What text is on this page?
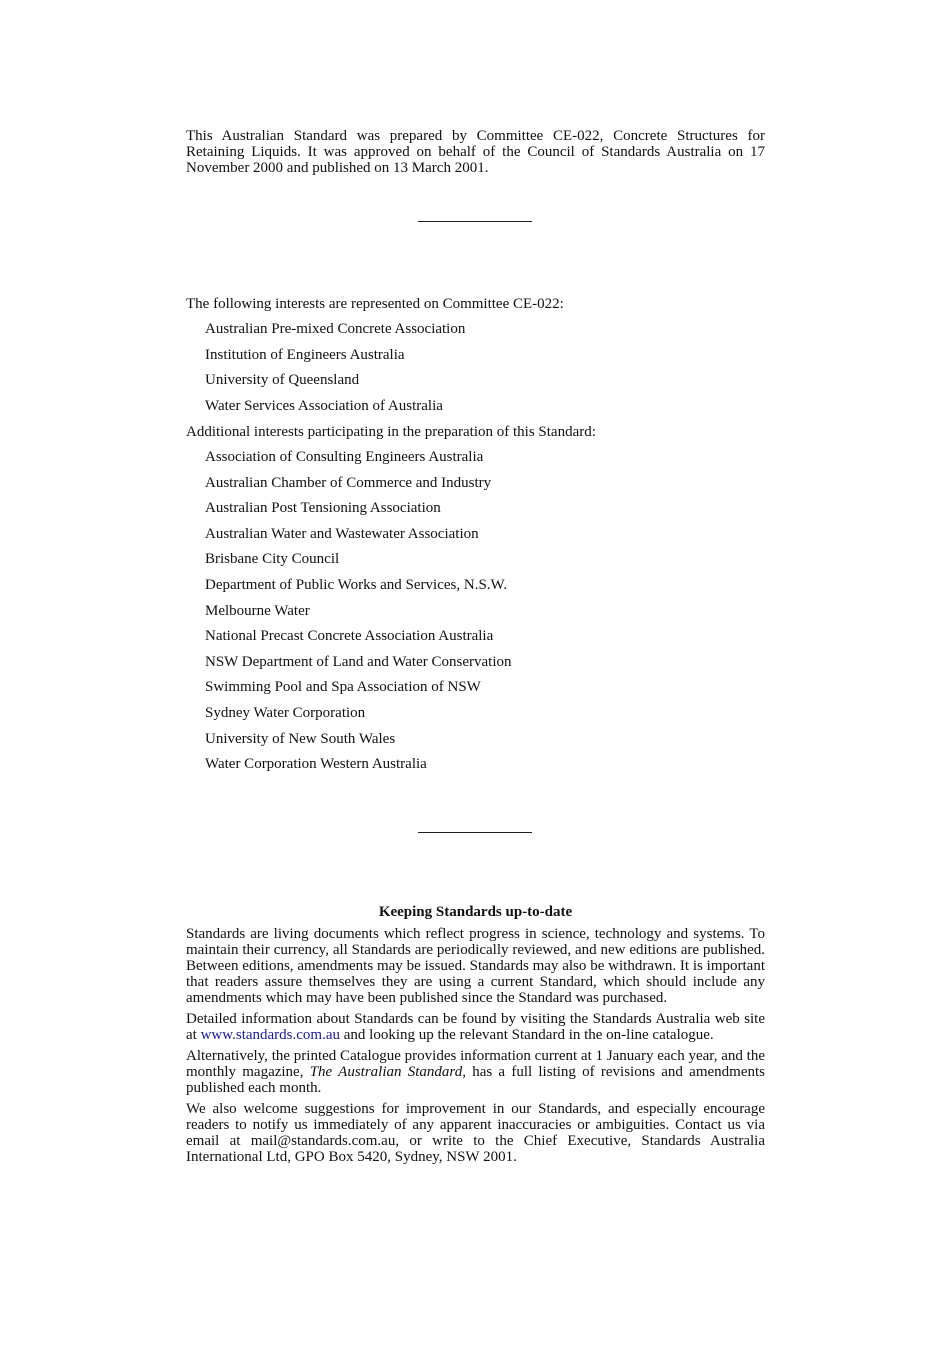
This Australian Standard was prepared by Committee CE-022, Concrete Structures for Retaining Liquids. It was approved on behalf of the Council of Standards Australia on 17 November 2000 and published on 13 March 2001.

The following interests are represented on Committee CE-022:

Australian Pre-mixed Concrete Association
Institution of Engineers Australia
University of Queensland
Water Services Association of Australia

Additional interests participating in the preparation of this Standard:

Association of Consulting Engineers Australia
Australian Chamber of Commerce and Industry
Australian Post Tensioning Association
Australian Water and Wastewater Association
Brisbane City Council
Department of Public Works and Services, N.S.W.
Melbourne Water
National Precast Concrete Association Australia
NSW Department of Land and Water Conservation
Swimming Pool and Spa Association of NSW
Sydney Water Corporation
University of New South Wales
Water Corporation Western Australia
Keeping Standards up-to-date

Standards are living documents which reflect progress in science, technology and systems. To maintain their currency, all Standards are periodically reviewed, and new editions are published. Between editions, amendments may be issued. Standards may also be withdrawn. It is important that readers assure themselves they are using a current Standard, which should include any amendments which may have been published since the Standard was purchased.

Detailed information about Standards can be found by visiting the Standards Australia web site at www.standards.com.au and looking up the relevant Standard in the on-line catalogue.

Alternatively, the printed Catalogue provides information current at 1 January each year, and the monthly magazine, The Australian Standard, has a full listing of revisions and amendments published each month.

We also welcome suggestions for improvement in our Standards, and especially encourage readers to notify us immediately of any apparent inaccuracies or ambiguities. Contact us via email at mail@standards.com.au, or write to the Chief Executive, Standards Australia International Ltd, GPO Box 5420, Sydney, NSW 2001.
